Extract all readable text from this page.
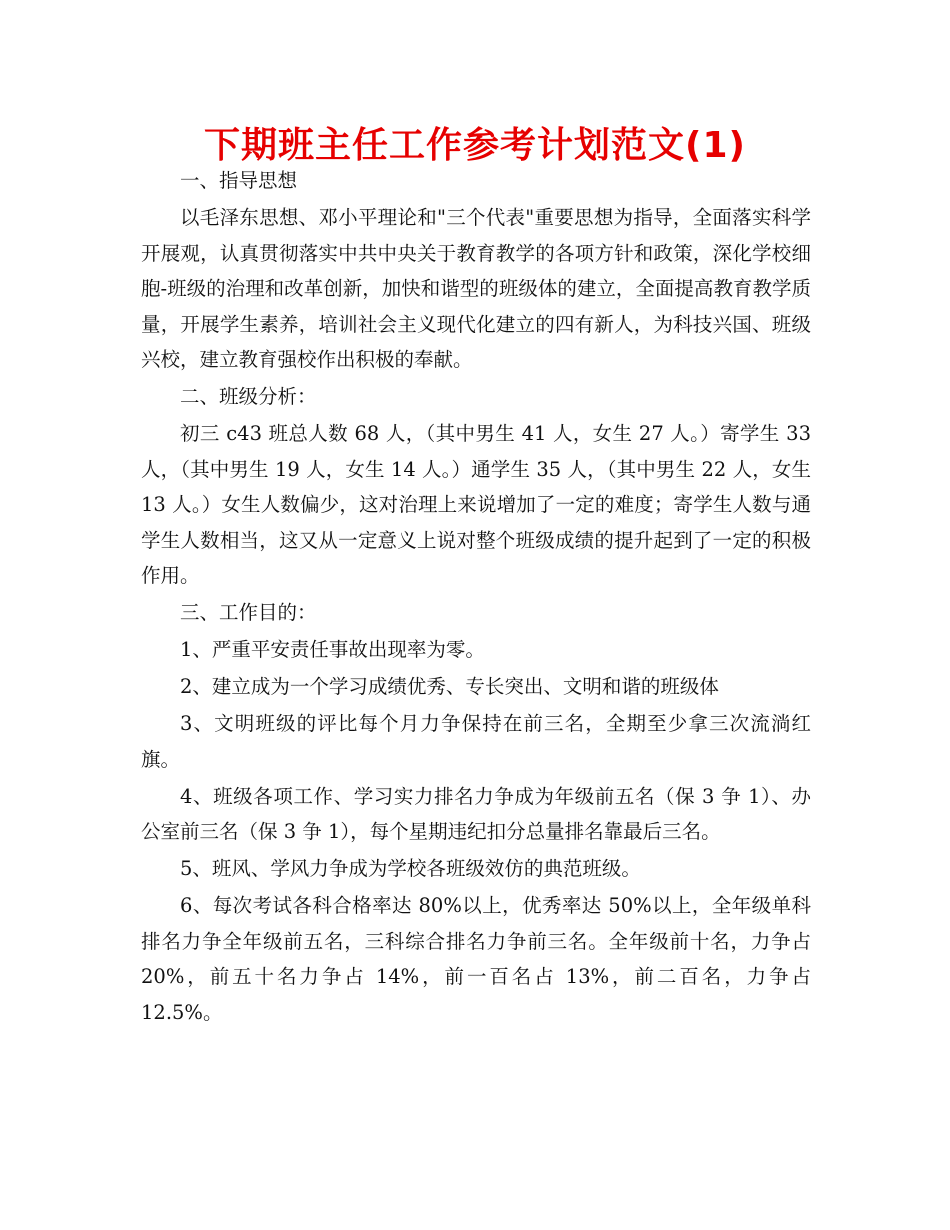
下期班主任工作参考计划范文(1)

一、指导思想

以毛泽东思想、邓小平理论和"三个代表"重要思想为指导，全面落实科学开展观，认真贯彻落实中共中央关于教育教学的各项方针和政策，深化学校细胞-班级的治理和改革创新，加快和谐型的班级体的建立，全面提高教育教学质量，开展学生素养，培训社会主义现代化建立的四有新人，为科技兴国、班级兴校，建立教育强校作出积极的奉献。

二、班级分析：

初三 c43 班总人数 68 人，（其中男生 41 人，女生 27 人。）寄学生 33 人，（其中男生 19 人，女生 14 人。）通学生 35 人，（其中男生 22 人，女生 13 人。）女生人数偏少，这对治理上来说增加了一定的难度；寄学生人数与通学生人数相当，这又从一定意义上说对整个班级成绩的提升起到了一定的积极作用。

三、工作目的：

1、严重平安责任事故出现率为零。

2、建立成为一个学习成绩优秀、专长突出、文明和谐的班级体

3、文明班级的评比每个月力争保持在前三名，全期至少拿三次流淌红旗。

4、班级各项工作、学习实力排名力争成为年级前五名（保 3 争 1）、办公室前三名（保 3 争 1），每个星期违纪扣分总量排名靠最后三名。

5、班风、学风力争成为学校各班级效仿的典范班级。

6、每次考试各科合格率达 80%以上，优秀率达 50%以上，全年级单科排名力争全年级前五名，三科综合排名力争前三名。全年级前十名，力争占 20%，前五十名力争占 14%，前一百名占 13%，前二百名，力争占 12.5%。
